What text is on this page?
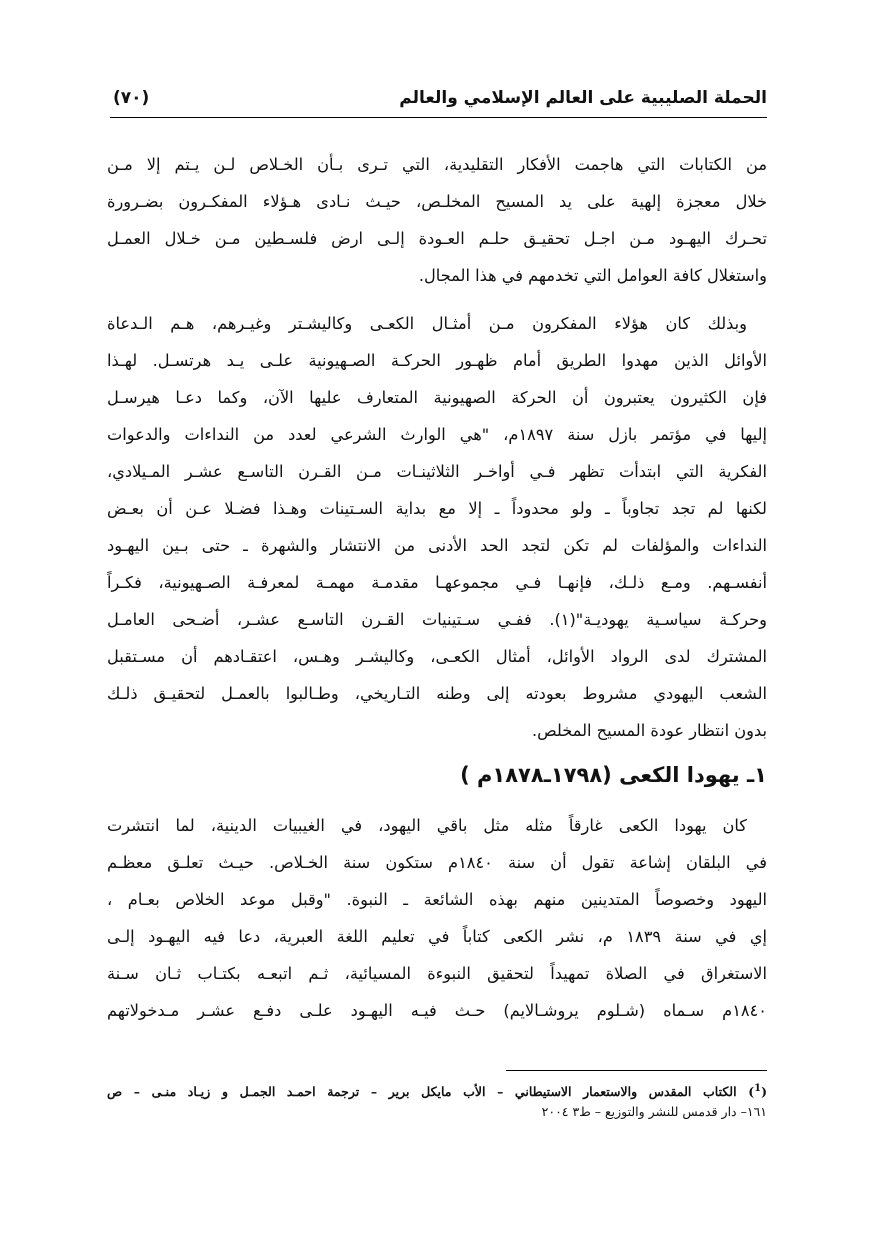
الحملة الصليبية على العالم الإسلامي والعالم
(٧٠)
من الكتابات التي هاجمت الأفكار التقليدية، التي تـرى بـأن الخـلاص لـن يـتم إلا مـن
خلال معجزة إلهية على يد المسيح المخلـص، حيـث نـادى هـؤلاء المفكـرون بضـرورة
تحـرك اليهـود مـن اجـل تحقيـق حلـم العـودة إلـى ارض فلسـطين مـن خـلال العمـل
واستغلال كافة العوامل التي تخدمهم في هذا المجال.
وبذلك كان هؤلاء المفكرون مـن أمثـال الكعـى وكاليشـتر وغيـرهم، هـم الـدعاة
الأوائل الذين مهدوا الطريق أمام ظهـور الحركـة الصـهيونية علـى يـد هرتسـل. لهـذا
فإن الكثيرون يعتبرون أن الحركة الصهيونية المتعارف عليها الآن، وكما دعـا هيرسـل
إليها في مؤتمر بازل سنة ١٨٩٧م، "هي الوارث الشرعي لعدد من النداءات والدعوات
الفكرية التي ابتدأت تظهر فـي أواخـر الثلاثينـات مـن القـرن التاسـع عشـر المـيلادي،
لكنها لم تجد تجاوباً ـ ولو محدوداً ـ إلا مع بداية السـتينات وهـذا فضـلا عـن أن بعـض
النداءات والمؤلفات لم تكن لتجد الحد الأدنى من الانتشار والشهرة ـ حتى بـين اليهـود
أنفسـهم. ومـع ذلـك، فإنهـا فـي مجموعهـا مقدمـة مهمـة لمعرفـة الصـهيونية، فكـراً
وحركـة سياسـية يهوديـة"(١). ففـي سـتينيات القـرن التاسـع عشـر، أضـحى العامـل
المشترك لدى الرواد الأوائل، أمثال الكعـى، وكاليشـر وهـس، اعتقـادهم أن مسـتقبل
الشعب اليهودي مشروط بعودته إلى وطنه التـاريخي، وطـالبوا بالعمـل لتحقيـق ذلـك
بدون انتظار عودة المسيح المخلص.
١ـ يهودا الكعى (١٧٩٨ـ١٨٧٨م )
كان يهودا الكعى غارقاً مثله مثل باقي اليهود، في الغيبيات الدينية، لما انتشرت
في البلقان إشاعة تقول أن سنة ١٨٤٠م ستكون سنة الخـلاص. حيـث تعلـق معظـم
اليهود وخصوصاً المتدينين منهم بهذه الشائعة ـ النبوة. "وقبل موعد الخلاص بعـام ،
إي في سنة ١٨٣٩ م، نشر الكعى كتاباً في تعليم اللغة العبرية، دعا فيه اليهـود إلـى
الاستغراق في الصلاة تمهيداً لتحقيق النبوءة المسيائية، ثـم اتبعـه بكتـاب ثـان سـنة
١٨٤٠م سـماه (شـلوم يروشـالايم) حـث فيـه اليهـود علـى دفـع عشـر مـدخولاتهم
($^1$) الكتاب المقدس والاستعمار الاستيطاني – الأب مايكل برير – ترجمة احمـد الجمـل و زيـاد منـى – ص
١٦١– دار قدمس للنشر والتوزيع – ط٣ ٢٠٠٤
